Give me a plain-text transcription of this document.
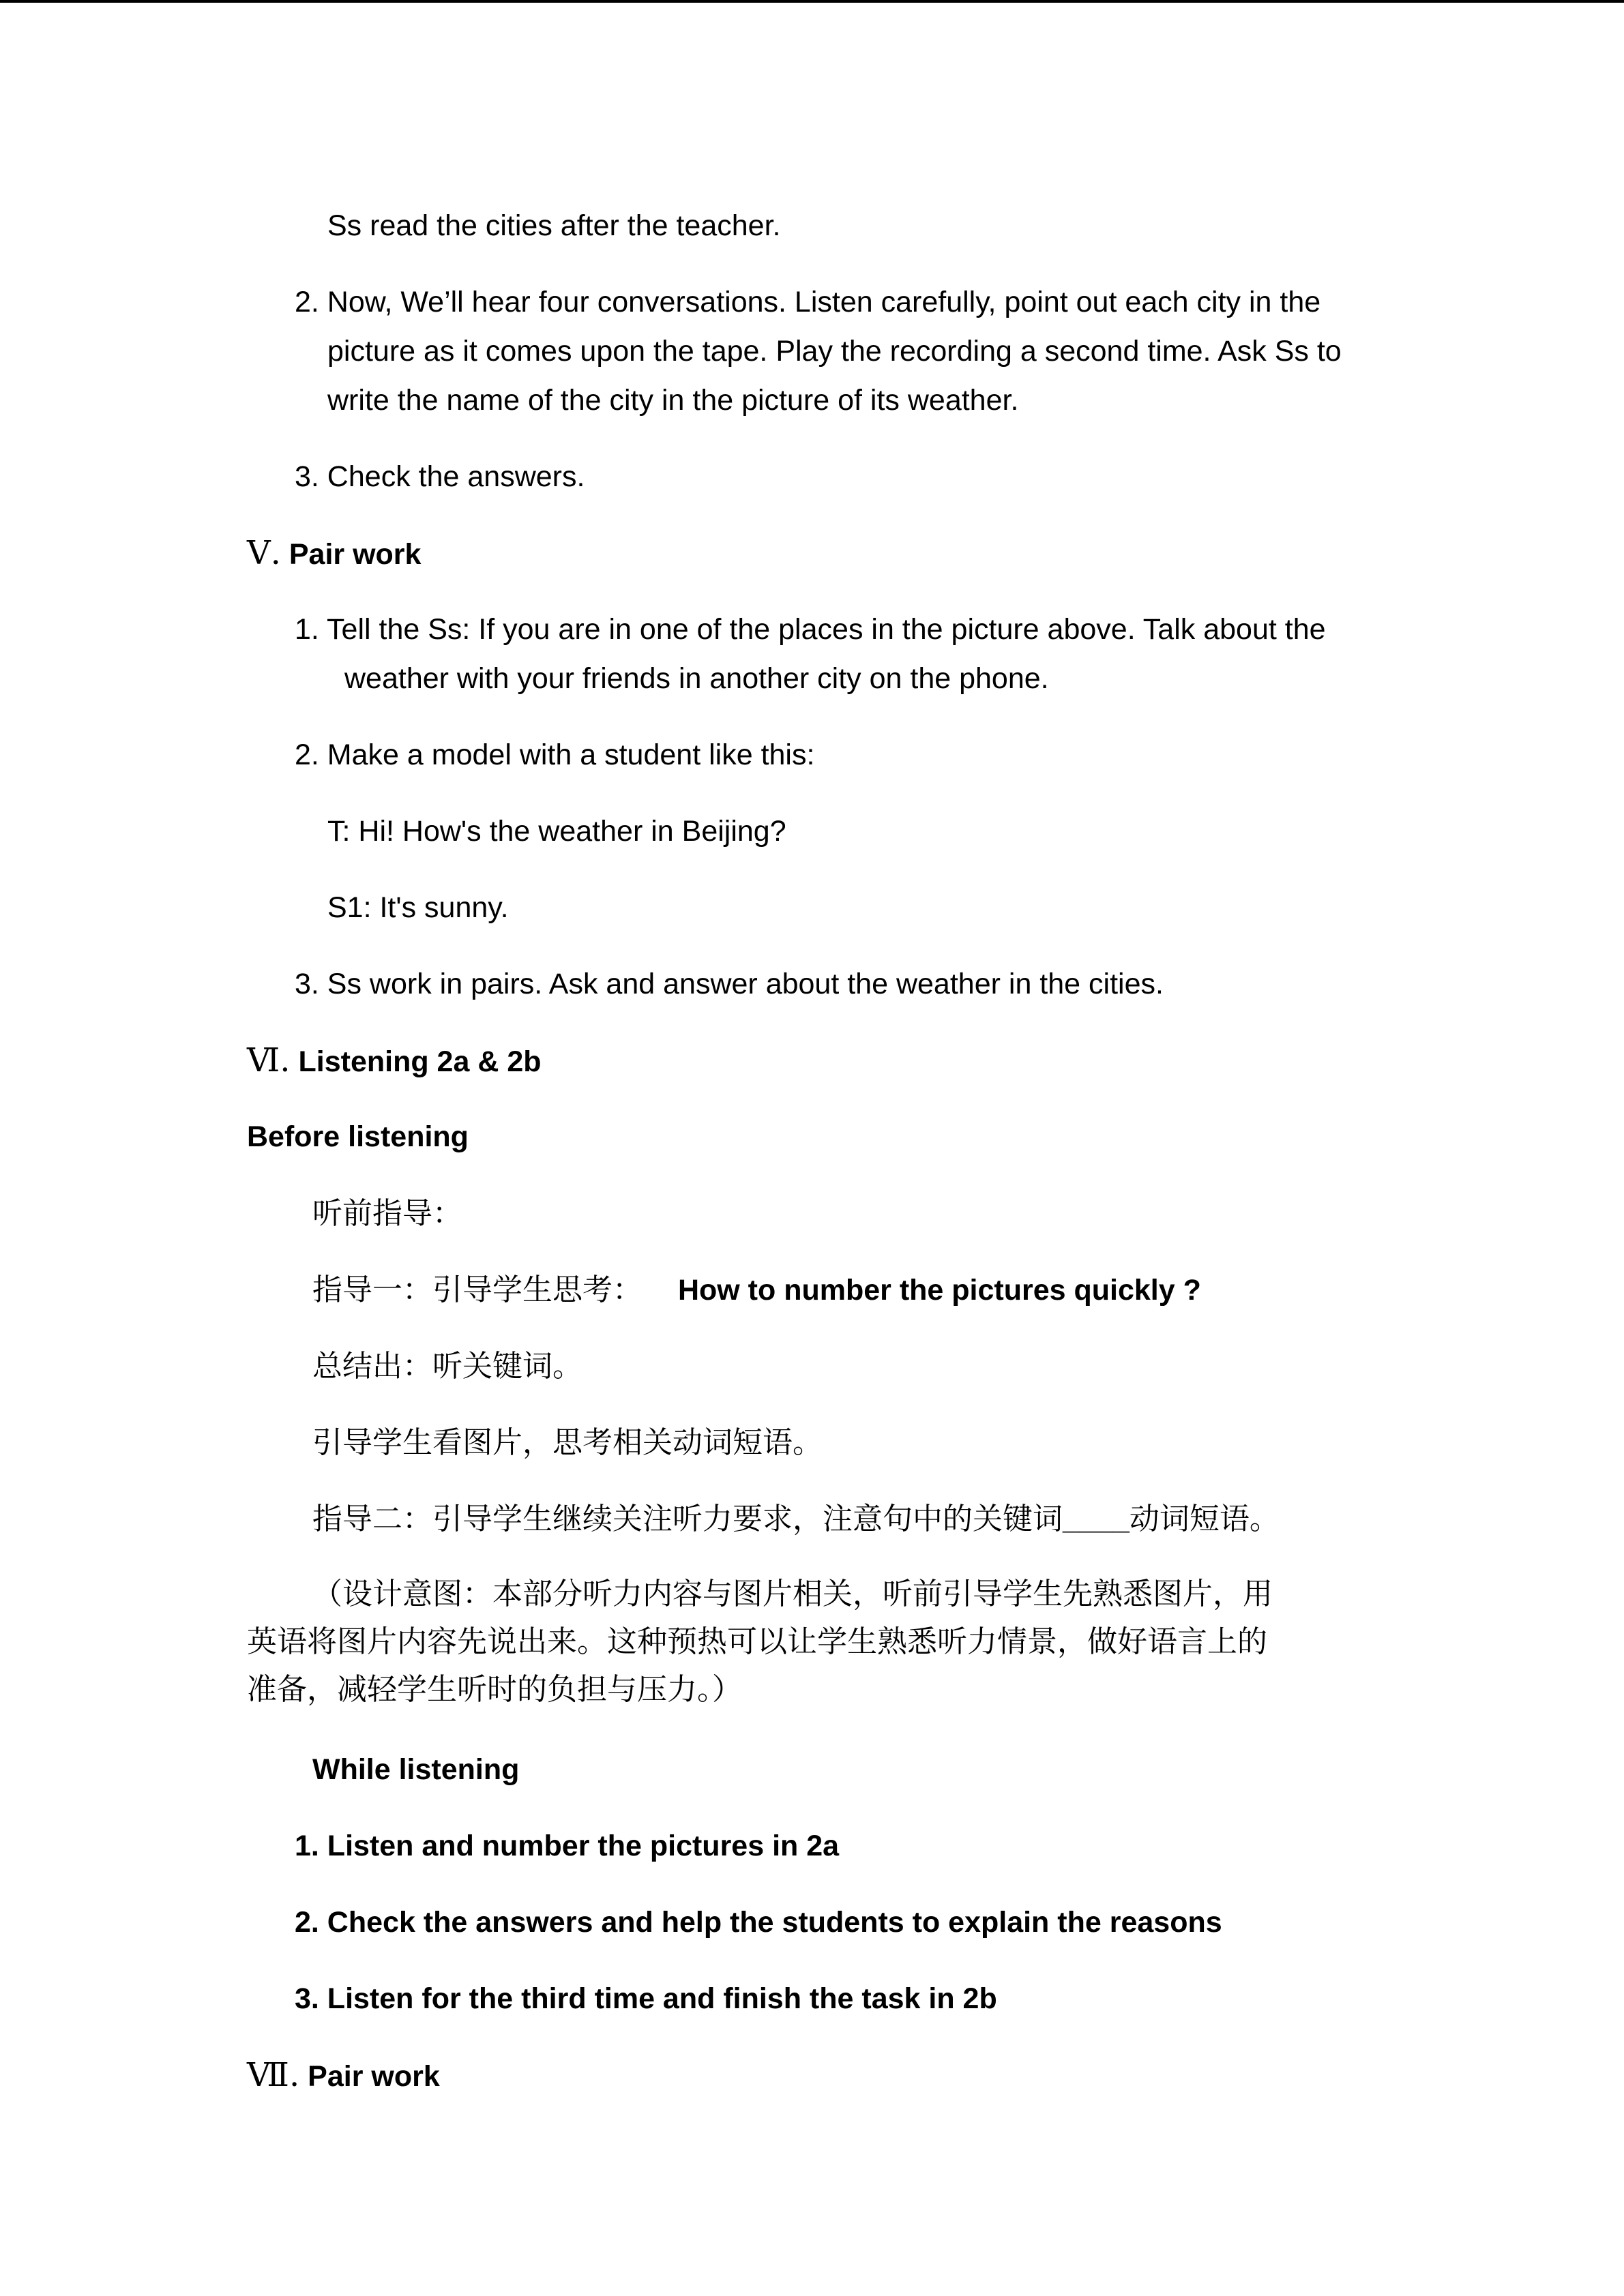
Ss read the cities after the teacher.
2. Now, We’ll hear four conversations. Listen carefully, point out each city in the
picture as it comes upon the tape. Play the recording a second time. Ask Ss to
write the name of the city in the picture of its weather.
3. Check the answers.
Ⅴ. Pair work
1. Tell the Ss: If you are in one of the places in the picture above. Talk about the
weather with your friends in another city on the phone.
2. Make a model with a student like this:
T: Hi! How's the weather in Beijing?
S1: It's sunny.
3. Ss work in pairs. Ask and answer about the weather in the cities.
Ⅵ. Listening 2a & 2b
Before listening
听前指导：
指导一：引导学生思考： How to number the pictures quickly ?
总结出：听关键词。
引导学生看图片，思考相关动词短语。
指导二：引导学生继续关注听力要求，注意句中的关键词____动词短语。
（设计意图：本部分听力内容与图片相关，听前引导学生先熟悉图片，用
英语将图片内容先说出来。这种预热可以让学生熟悉听力情景，做好语言上的
准备，减轻学生听时的负担与压力。）
While listening
1. Listen and number the pictures in 2a
2. Check the answers and help the students to explain the reasons
3. Listen for the third time and finish the task in 2b
Ⅶ. Pair work
